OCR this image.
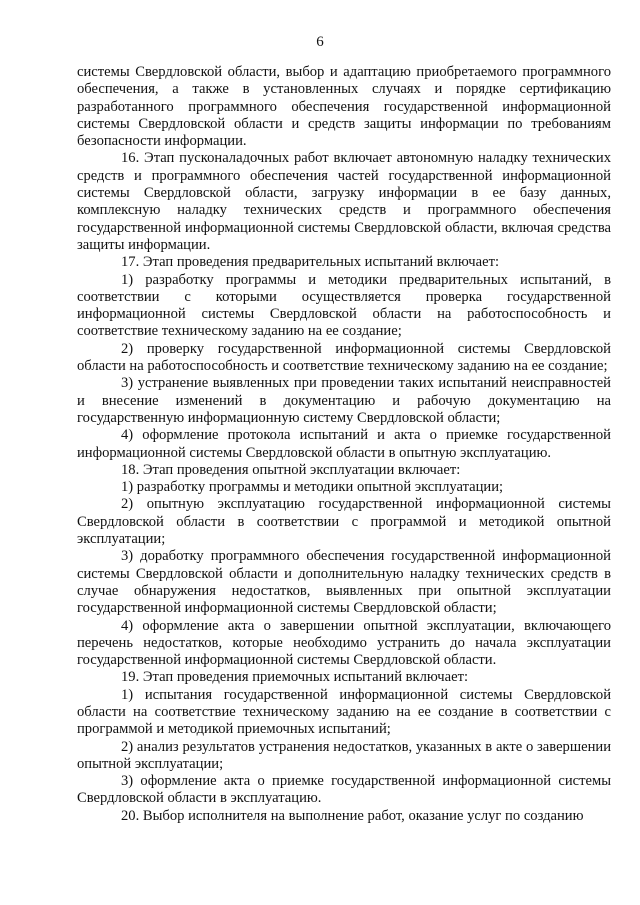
6

системы Свердловской области, выбор и адаптацию приобретаемого программного обеспечения, а также в установленных случаях и порядке сертификацию разработанного программного обеспечения государственной информационной системы Свердловской области и средств защиты информации по требованиям безопасности информации.

16. Этап пусконаладочных работ включает автономную наладку технических средств и программного обеспечения частей государственной информационной системы Свердловской области, загрузку информации в ее базу данных, комплексную наладку технических средств и программного обеспечения государственной информационной системы Свердловской области, включая средства защиты информации.

17. Этап проведения предварительных испытаний включает:

1) разработку программы и методики предварительных испытаний, в соответствии с которыми осуществляется проверка государственной информационной системы Свердловской области на работоспособность и соответствие техническому заданию на ее создание;

2) проверку государственной информационной системы Свердловской области на работоспособность и соответствие техническому заданию на ее создание;

3) устранение выявленных при проведении таких испытаний неисправностей и внесение изменений в документацию и рабочую документацию на государственную информационную систему Свердловской области;

4) оформление протокола испытаний и акта о приемке государственной информационной системы Свердловской области в опытную эксплуатацию.

18. Этап проведения опытной эксплуатации включает:

1) разработку программы и методики опытной эксплуатации;

2) опытную эксплуатацию государственной информационной системы Свердловской области в соответствии с программой и методикой опытной эксплуатации;

3) доработку программного обеспечения государственной информационной системы Свердловской области и дополнительную наладку технических средств в случае обнаружения недостатков, выявленных при опытной эксплуатации государственной информационной системы Свердловской области;

4) оформление акта о завершении опытной эксплуатации, включающего перечень недостатков, которые необходимо устранить до начала эксплуатации государственной информационной системы Свердловской области.

19. Этап проведения приемочных испытаний включает:

1) испытания государственной информационной системы Свердловской области на соответствие техническому заданию на ее создание в соответствии с программой и методикой приемочных испытаний;

2) анализ результатов устранения недостатков, указанных в акте о завершении опытной эксплуатации;

3) оформление акта о приемке государственной информационной системы Свердловской области в эксплуатацию.

20. Выбор исполнителя на выполнение работ, оказание услуг по созданию
